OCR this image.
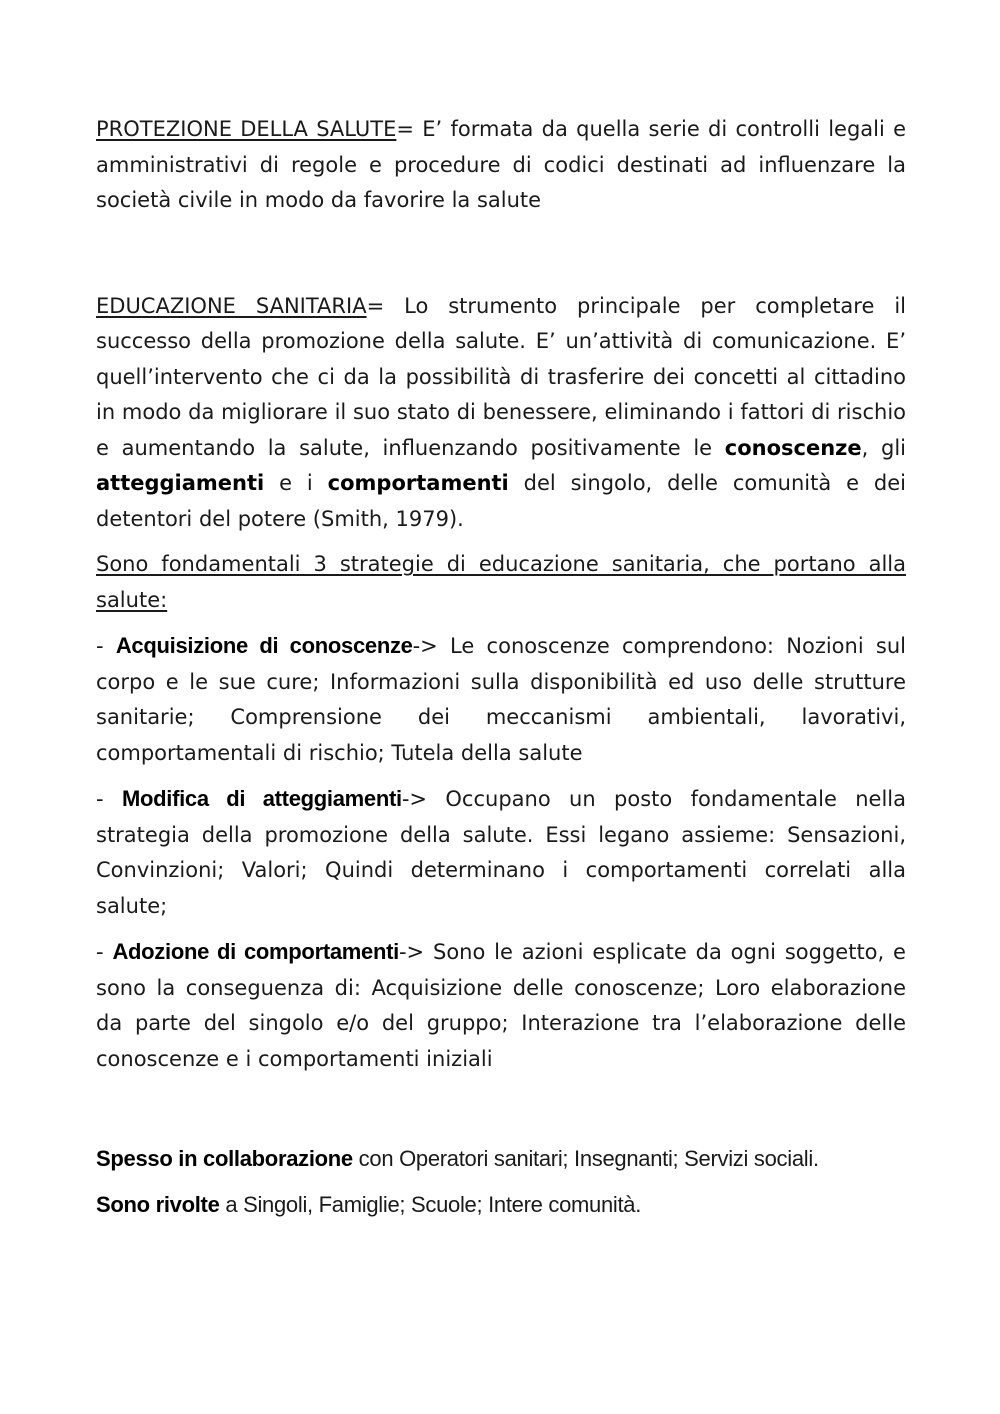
PROTEZIONE DELLA SALUTE= E’ formata da quella serie di controlli legali e amministrativi di regole e procedure di codici destinati ad influenzare la società civile in modo da favorire la salute

EDUCAZIONE SANITARIA= Lo strumento principale per completare il successo della promozione della salute. E’ un’attività di comunicazione. E’ quell’intervento che ci da la possibilità di trasferire dei concetti al cittadino in modo da migliorare il suo stato di benessere, eliminando i fattori di rischio e aumentando la salute, influenzando positivamente le conoscenze, gli atteggiamenti e i comportamenti del singolo, delle comunità e dei detentori del potere (Smith, 1979).

Sono fondamentali 3 strategie di educazione sanitaria, che portano alla salute:

- Acquisizione di conoscenze-> Le conoscenze comprendono: Nozioni sul corpo e le sue cure; Informazioni sulla disponibilità ed uso delle strutture sanitarie; Comprensione dei meccanismi ambientali, lavorativi, comportamentali di rischio; Tutela della salute

- Modifica di atteggiamenti-> Occupano un posto fondamentale nella strategia della promozione della salute. Essi legano assieme: Sensazioni, Convinzioni; Valori; Quindi determinano i comportamenti correlati alla salute;

- Adozione di comportamenti-> Sono le azioni esplicate da ogni soggetto, e sono la conseguenza di: Acquisizione delle conoscenze; Loro elaborazione da parte del singolo e/o del gruppo; Interazione tra l’elaborazione delle conoscenze e i comportamenti iniziali

Spesso in collaborazione con Operatori sanitari; Insegnanti; Servizi sociali.

Sono rivolte a Singoli, Famiglie; Scuole; Intere comunità.
